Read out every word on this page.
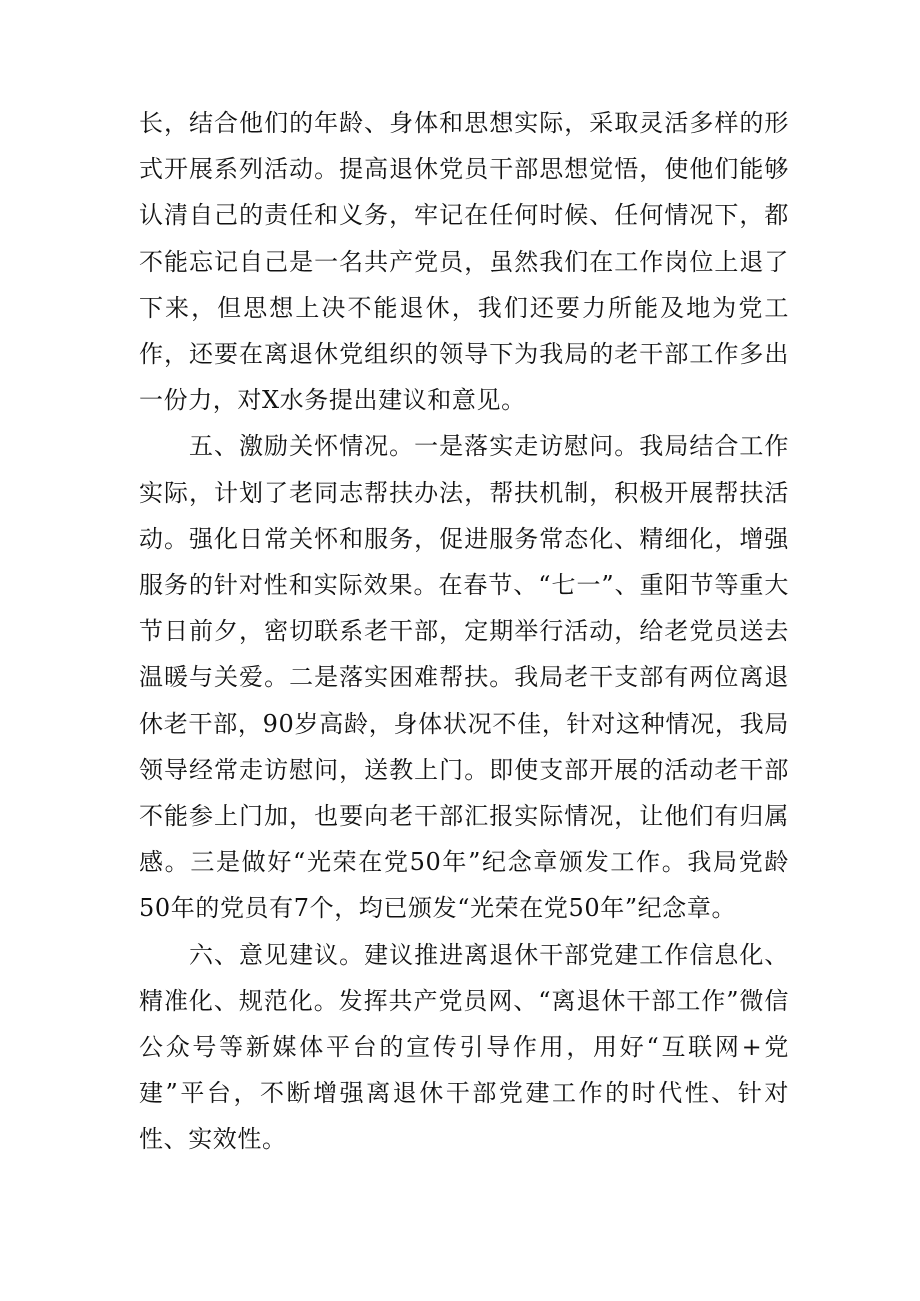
长，结合他们的年龄、身体和思想实际，采取灵活多样的形式开展系列活动。提高退休党员干部思想觉悟，使他们能够认清自己的责任和义务，牢记在任何时候、任何情况下，都不能忘记自己是一名共产党员，虽然我们在工作岗位上退了下来，但思想上决不能退休，我们还要力所能及地为党工作，还要在离退休党组织的领导下为我局的老干部工作多出一份力，对X水务提出建议和意见。

五、激励关怀情况。一是落实走访慰问。我局结合工作实际，计划了老同志帮扶办法，帮扶机制，积极开展帮扶活动。强化日常关怀和服务，促进服务常态化、精细化，增强服务的针对性和实际效果。在春节、“七一”、重阳节等重大节日前夕，密切联系老干部，定期举行活动，给老党员送去温暖与关爱。二是落实困难帮扶。我局老干支部有两位离退休老干部，90岁高龄，身体状况不佳，针对这种情况，我局领导经常走访慰问，送教上门。即使支部开展的活动老干部不能参上门加，也要向老干部汇报实际情况，让他们有归属感。三是做好“光荣在党50年”纪念章颁发工作。我局党龄50年的党员有7个，均已颁发“光荣在党50年”纪念章。

六、意见建议。建议推进离退休干部党建工作信息化、精准化、规范化。发挥共产党员网、“离退休干部工作”微信公众号等新媒体平台的宣传引导作用，用好“互联网+党建”平台，不断增强离退休干部党建工作的时代性、针对性、实效性。
